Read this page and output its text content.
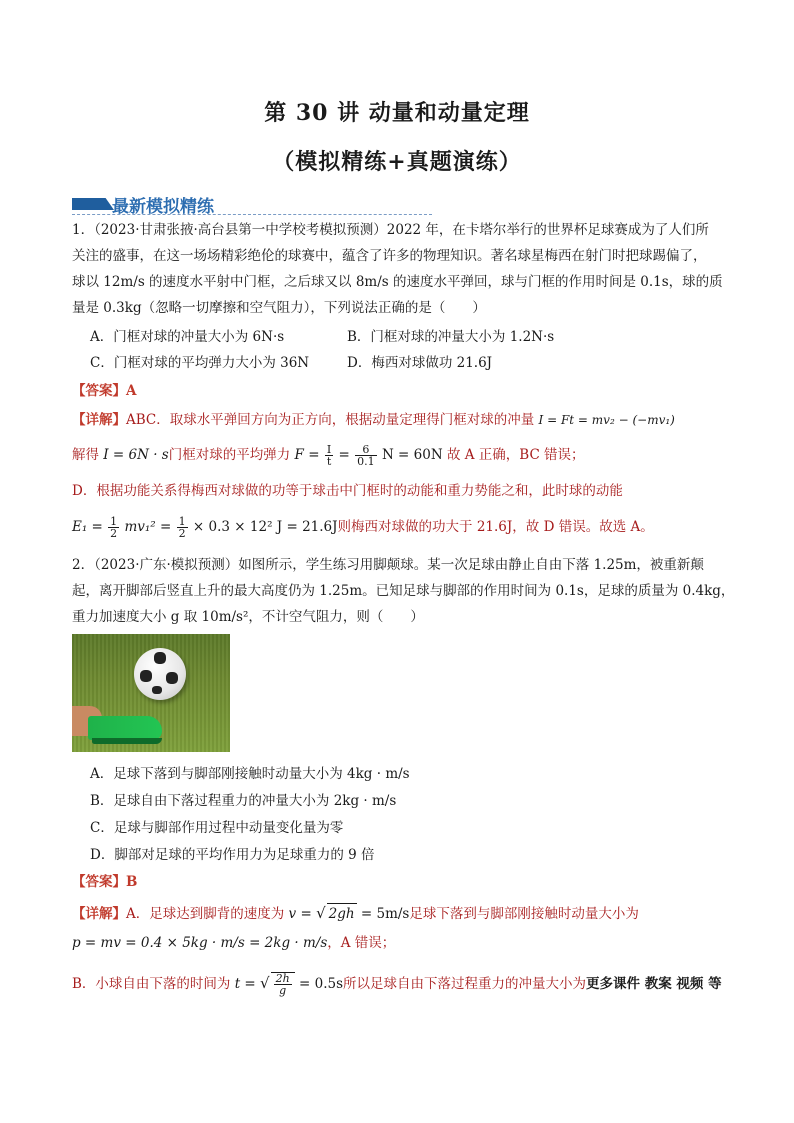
第 30 讲 动量和动量定理
（模拟精练+真题演练）
最新模拟精练
1．（2023·甘肃张掖·高台县第一中学校考模拟预测）2022 年，在卡塔尔举行的世界杯足球赛成为了人们所
关注的盛事，在这一场场精彩绝伦的球赛中，蕴含了许多的物理知识。著名球星梅西在射门时把球踢偏了，
球以 12m/s 的速度水平射中门框，之后球又以 8m/s 的速度水平弹回，球与门框的作用时间是 0.1s，球的质
量是 0.3kg（忽略一切摩擦和空气阻力），下列说法正确的是（　　）
A．门框对球的冲量大小为 6N·s	B．门框对球的冲量大小为 1.2N·s
C．门框对球的平均弹力大小为 36N	D．梅西对球做功 21.6J
【答案】A
【详解】ABC．取球水平弹回方向为正方向，根据动量定理得门框对球的冲量 I = Ft = mv₂ − (−mv₁)
解得 I = 6N · s门框对球的平均弹力 $F = \frac{I}{t} = \frac{6}{0.1}$ N = 60N 故 A 正确，BC 错误；
D．根据功能关系得梅西对球做的功等于球击中门框时的动能和重力势能之和，此时球的动能
$E_1 = \frac{1}{2} mv_1^2 = \frac{1}{2} \times 0.3 \times 12^2$ J = 21.6J则梅西对球做的功大于 21.6J，故 D 错误。故选 A。
2．（2023·广东·模拟预测）如图所示，学生练习用脚颠球。某一次足球由静止自由下落 1.25m，被重新颠
起，离开脚部后竖直上升的最大高度仍为 1.25m。已知足球与脚部的作用时间为 0.1s，足球的质量为 0.4kg，
重力加速度大小 g 取 10m/s²，不计空气阻力，则（　　）
A．足球下落到与脚部刚接触时动量大小为 4kg · m/s
B．足球自由下落过程重力的冲量大小为 2kg · m/s
C．足球与脚部作用过程中动量变化量为零
D．脚部对足球的平均作用力为足球重力的 9 倍
【答案】B
【详解】A．足球达到脚背的速度为 v = √ 2gh = 5m/s足球下落到与脚部刚接触时动量大小为
p = mv = 0.4 × 5kg · m/s = 2kg · m/s，A 错误；
B．小球自由下落的时间为 t = √ $\frac{2h}{g} = 0.5s$所以足球自由下落过程重力的冲量大小为更多课件 教案 视频 等
